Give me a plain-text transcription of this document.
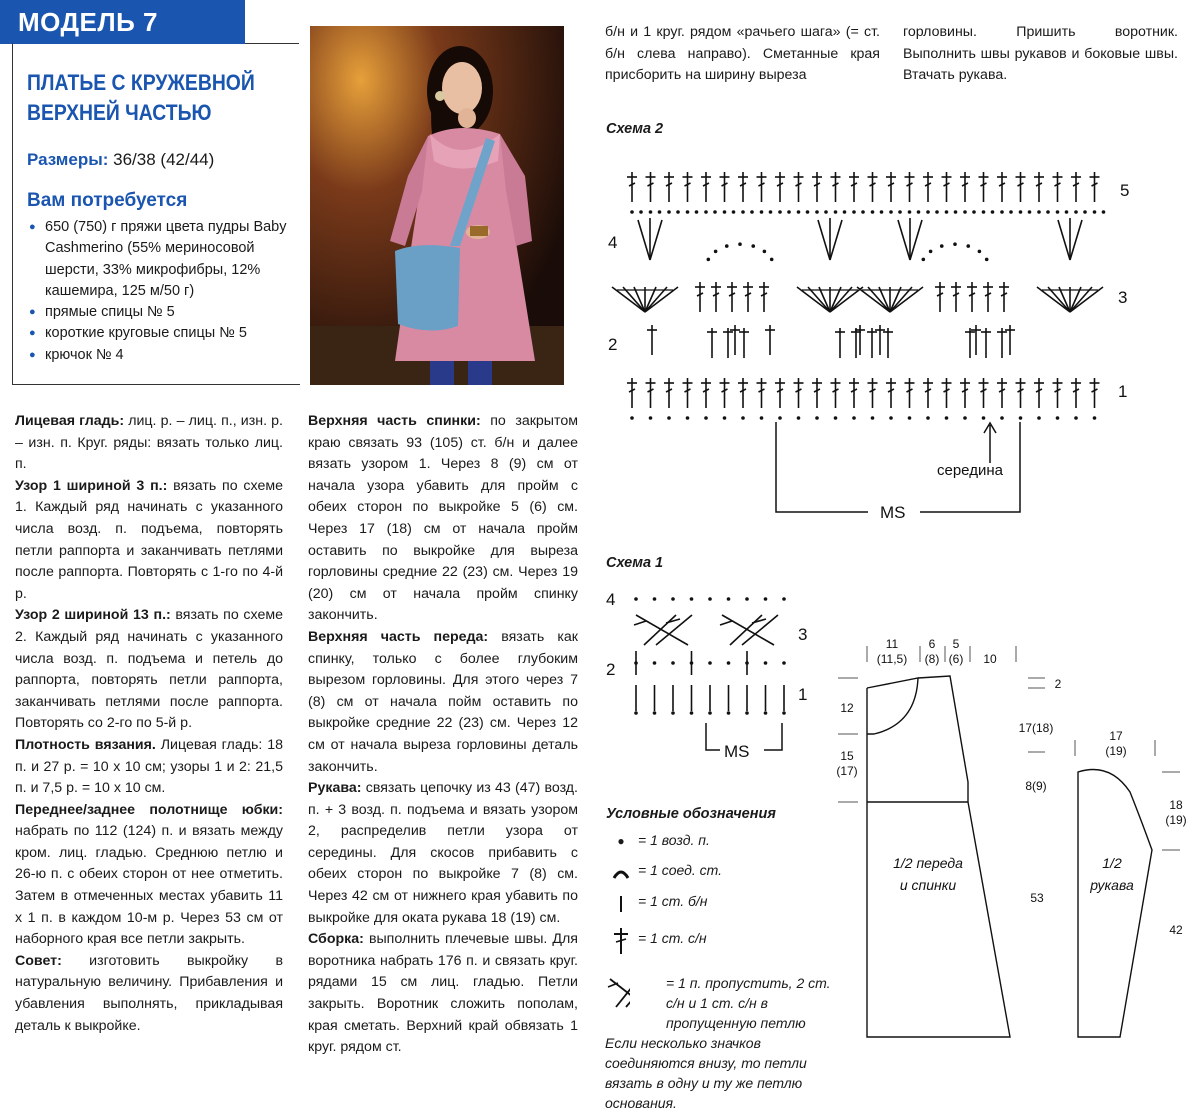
МОДЕЛЬ 7
ПЛАТЬЕ С КРУЖЕВНОЙ
ВЕРХНЕЙ ЧАСТЬЮ
Размеры: 36/38 (42/44)
Вам потребуется
● 650 (750) г пряжи цвета пудры Baby Cashmerino (55% мериносовой шерсти, 33% микрофибры, 12% кашемира, 125 м/50 г)
● прямые спицы № 5
● короткие круговые спицы № 5
● крючок № 4

Лицевая гладь: лиц. р. – лиц. п., изн. р. – изн. п. Круг. ряды: вязать только лиц. п.

Узор 1 шириной 3 п.: вязать по схеме 1. Каждый ряд начинать с указанного числа возд. п. подъема, повторять петли раппорта и заканчивать петлями после раппорта. Повторять с 1-го по 4-й р.

Узор 2 шириной 13 п.: вязать по схеме 2. Каждый ряд начинать с указанного числа возд. п. подъема и петель до раппорта, повторять петли раппорта, заканчивать петлями после раппорта. Повторять со 2-го по 5-й р.

Плотность вязания. Лицевая гладь: 18 п. и 27 р. = 10 x 10 см; узоры 1 и 2: 21,5 п. и 7,5 р. = 10 x 10 см.

Переднее/заднее полотнище юбки: набрать по 112 (124) п. и вязать между кром. лиц. гладью. Среднюю петлю и 26-ю п. с обеих сторон от нее отметить. Затем в отмеченных местах убавить 11 x 1 п. в каждом 10-м р. Через 53 см от наборного края все петли закрыть.

Совет: изготовить выкройку в натуральную величину. Прибавления и убавления выполнять, прикладывая деталь к выкройке.

Верхняя часть спинки: по закрытом краю связать 93 (105) ст. б/н и далее вязать узором 1. Через 8 (9) см от начала узора убавить для пройм с обеих сторон по выкройке 5 (6) см. Через 17 (18) см от начала пройм оставить по выкройке для выреза горловины средние 22 (23) см. Через 19 (20) см от начала пройм спинку закончить.

Верхняя часть переда: вязать как спинку, только с более глубоким вырезом горловины. Для этого через 7 (8) см от начала пойм оставить по выкройке средние 22 (23) см. Через 12 см от начала выреза горловины деталь закончить.

Рукава: связать цепочку из 43 (47) возд. п. + 3 возд. п. подъема и вязать узором 2, распределив петли узора от середины. Для скосов прибавить с обеих сторон по выкройке 7 (8) см. Через 42 см от нижнего края убавить по выкройке для оката рукава 18 (19) см.

Сборка: выполнить плечевые швы. Для воротника набрать 176 п. и связать круг. рядами 15 см лиц. гладью. Петли закрыть. Воротник сложить пополам, края сметать. Верхний край обвязать 1 круг. рядом ст.

б/н и 1 круг. рядом «рачьего шага» (= ст. б/н слева направо). Сметанные края присборить на ширину выреза
горловины. Пришить воротник. Выполнить швы рукавов и боковые швы. Втачать рукава.
Схема 2
5
4
3
2
1
середина
MS
Схема 1
4
3
2
1
MS
Условные обозначения
● = 1 возд. п.
= 1 соед. ст.
= 1 ст. б/н
= 1 ст. с/н
= 1 п. пропустить, 2 ст. с/н и 1 ст. с/н в пропущенную петлю
Если несколько значков соединяются внизу, то петли вязать в одну и ту же петлю основания.
11
(11,5)
6
(8)
5
(6) 10
12
15
(17)
53
2
17(18)
8(9)
17
(19)
18
(19)
42
1/2 переда
и спинки
1/2
рукава
